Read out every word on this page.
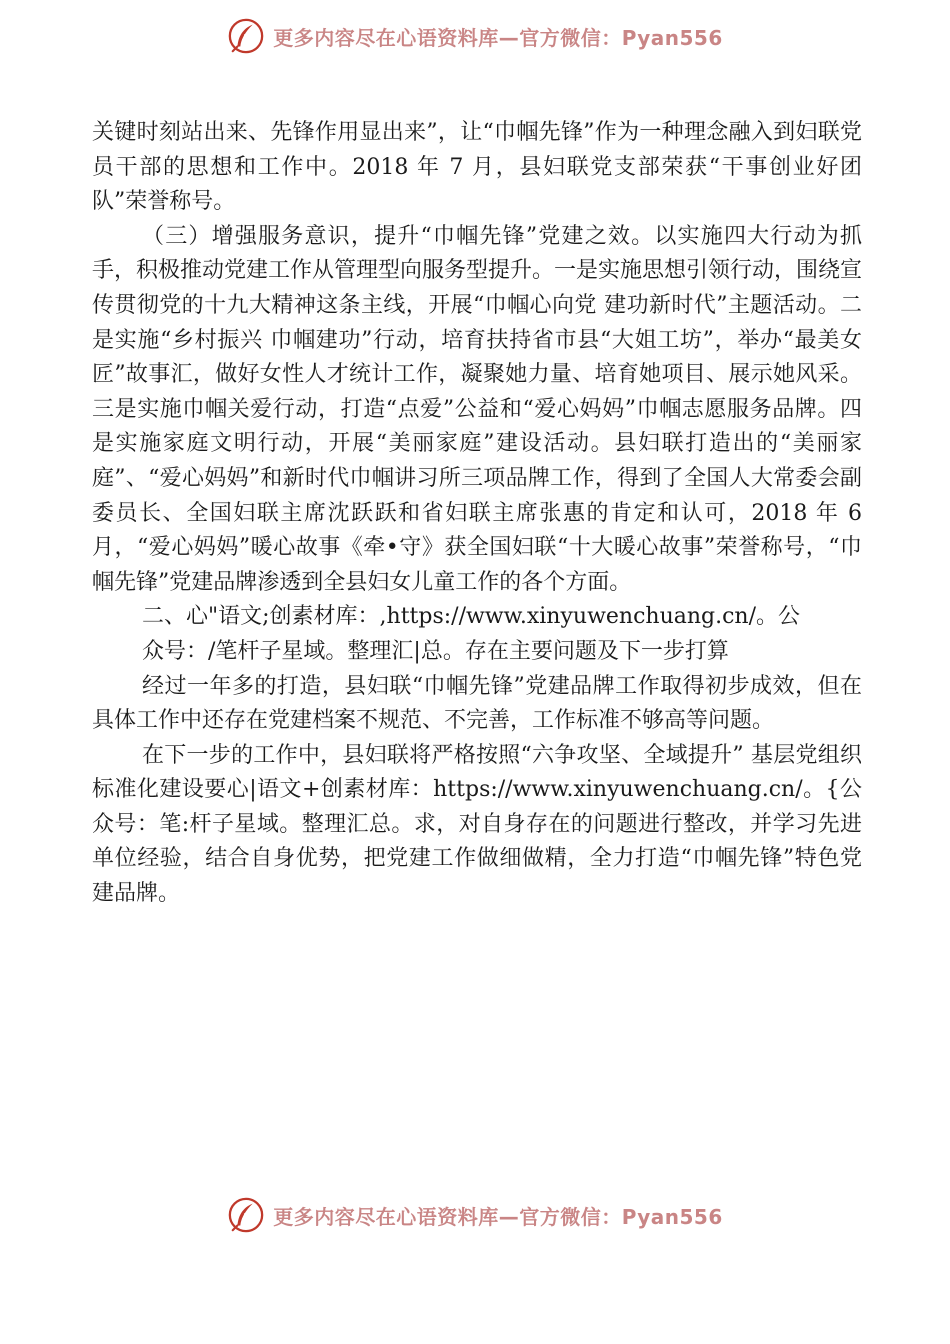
更多内容尽在心语资料库—官方微信：Pyan556

关键时刻站出来、先锋作用显出来”，让“巾帼先锋”作为一种理念融入到妇联党员干部的思想和工作中。2018 年 7 月，县妇联党支部荣获“干事创业好团队”荣誉称号。

（三）增强服务意识，提升“巾帼先锋”党建之效。以实施四大行动为抓手，积极推动党建工作从管理型向服务型提升。一是实施思想引领行动，围绕宣传贯彻党的十九大精神这条主线，开展“巾帼心向党 建功新时代”主题活动。二是实施“乡村振兴 巾帼建功”行动，培育扶持省市县“大姐工坊”，举办“最美女匠”故事汇，做好女性人才统计工作，凝聚她力量、培育她项目、展示她风采。三是实施巾帼关爱行动，打造“点爱”公益和“爱心妈妈”巾帼志愿服务品牌。四是实施家庭文明行动，开展“美丽家庭”建设活动。县妇联打造出的“美丽家庭”、“爱心妈妈”和新时代巾帼讲习所三项品牌工作，得到了全国人大常委会副委员长、全国妇联主席沈跃跃和省妇联主席张惠的肯定和认可，2018 年 6 月，“爱心妈妈”暖心故事《牵•守》获全国妇联“十大暖心故事”荣誉称号，“巾帼先锋”党建品牌渗透到全县妇女儿童工作的各个方面。

二、心"语文;创素材库：,https://www.xinyuwenchuang.cn/。公
众号：/笔杆子星域。整理汇|总。存在主要问题及下一步打算

经过一年多的打造，县妇联“巾帼先锋”党建品牌工作取得初步成效，但在具体工作中还存在党建档案不规范、不完善，工作标准不够高等问题。

在下一步的工作中，县妇联将严格按照“六争攻坚、全域提升” 基层党组织标准化建设要心|语文+创素材库：https://www.xinyuwenchuang.cn/。{公众号：笔:杆子星域。整理汇总。求，对自身存在的问题进行整改，并学习先进单位经验，结合自身优势，把党建工作做细做精，全力打造“巾帼先锋”特色党建品牌。

更多内容尽在心语资料库—官方微信：Pyan556
